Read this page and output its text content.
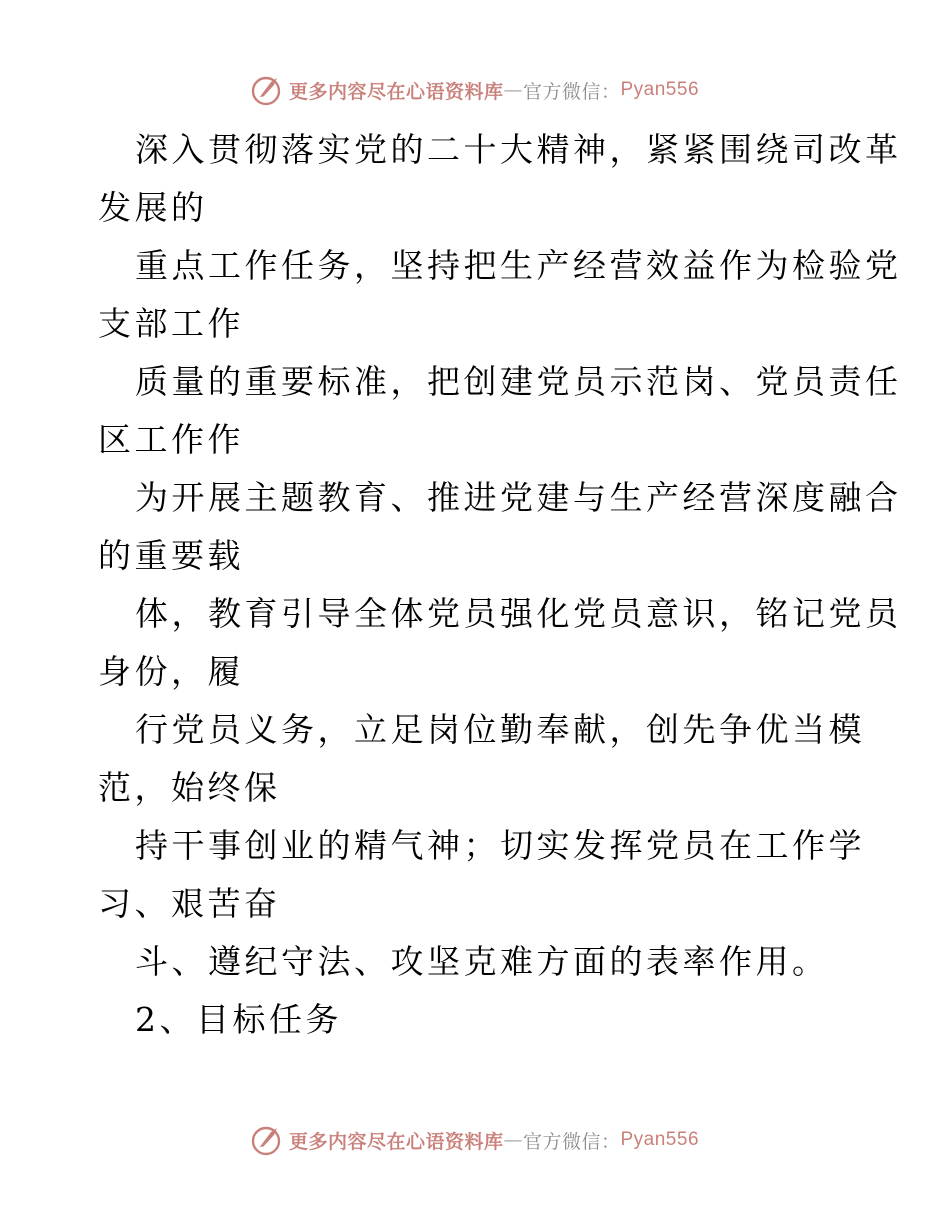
更多内容尽在心语资料库 — 官方微信： Pyan556
深入贯彻落实党的二十大精神，紧紧围绕司改革
发展的
重点工作任务，坚持把生产经营效益作为检验党
支部工作
质量的重要标准，把创建党员示范岗、党员责任
区工作作
为开展主题教育、推进党建与生产经营深度融合
的重要载
体，教育引导全体党员强化党员意识，铭记党员
身份，履
行党员义务，立足岗位勤奉献，创先争优当模
范，始终保
持干事创业的精气神；切实发挥党员在工作学
习、艰苦奋
斗、遵纪守法、攻坚克难方面的表率作用。
2、目标任务
更多内容尽在心语资料库 — 官方微信： Pyan556
